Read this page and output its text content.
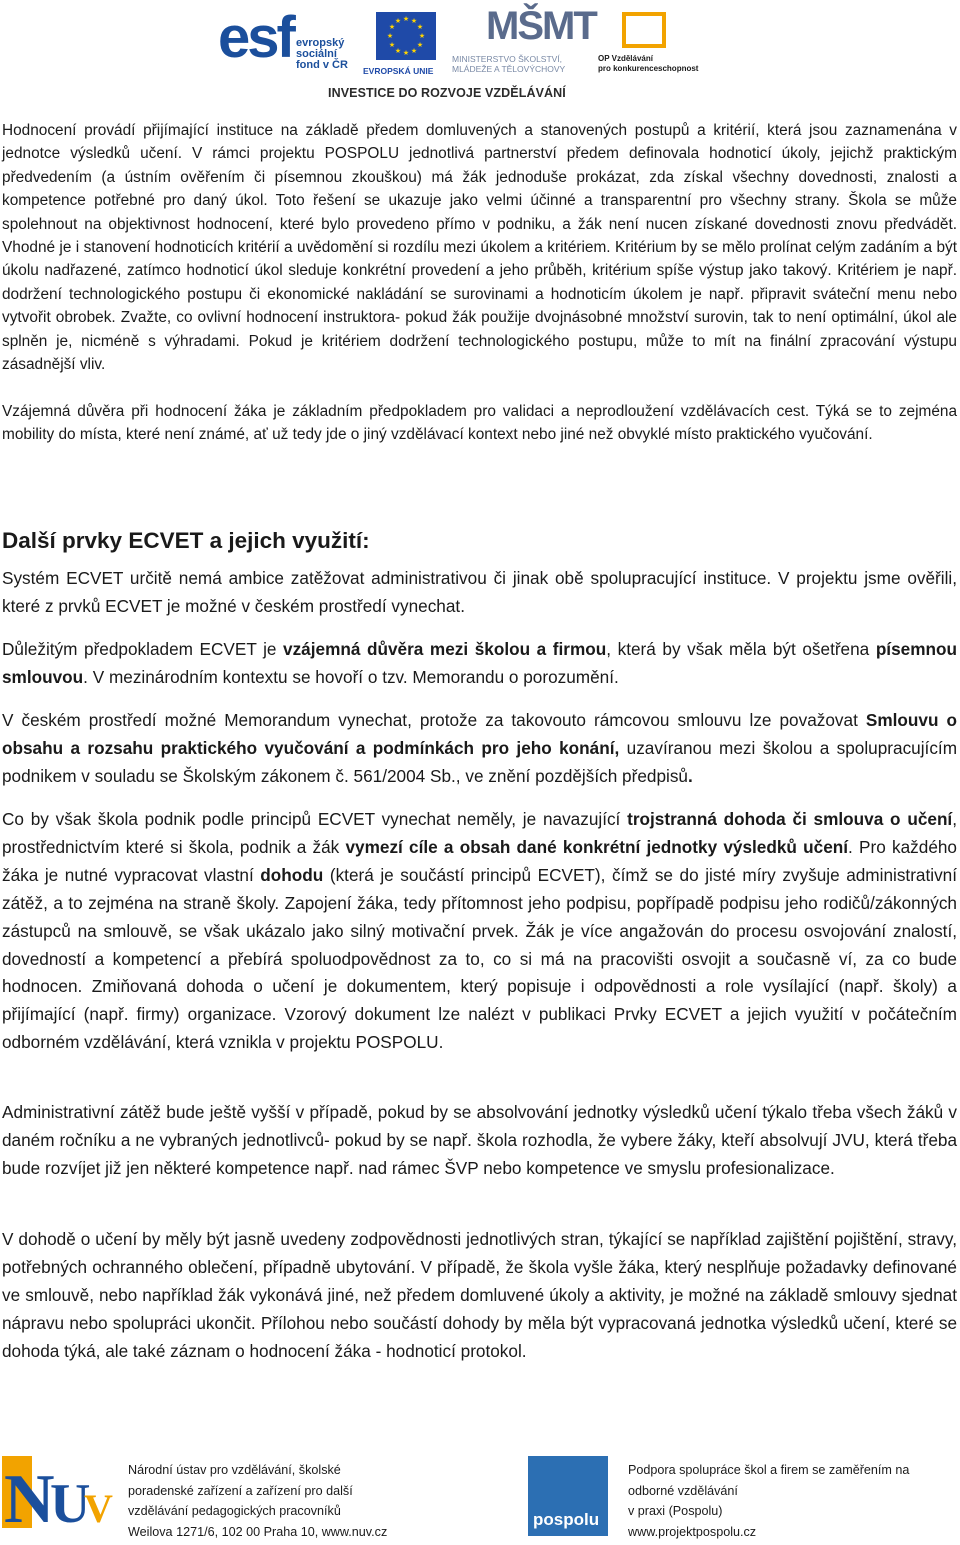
esf evropský
sociální
fond v ČR
★ ★
★
★
★
★
★
★
★
★
★
★
EVROPSKÁ UNIE
MŠMT
MINISTERSTVO ŠKOLSTVÍ,
MLÁDEŽE A TĚLOVÝCHOVY
OP Vzdělávání
pro konkurenceschopnost
INVESTICE DO ROZVOJE VZDĚLÁVÁNÍ

Hodnocení provádí přijímající instituce na základě předem domluvených a stanovených postupů a kritérií, která jsou zaznamenána v jednotce výsledků učení. V rámci projektu POSPOLU jednotlivá partnerství předem definovala hodnoticí úkoly, jejichž praktickým předvedením (a ústním ověřením či písemnou zkouškou) má žák jednoduše prokázat, zda získal všechny dovednosti, znalosti a kompetence potřebné pro daný úkol. Toto řešení se ukazuje jako velmi účinné a transparentní pro všechny strany. Škola se může spolehnout na objektivnost hodnocení, které bylo provedeno přímo v podniku, a žák není nucen získané dovednosti znovu předvádět. Vhodné je i stanovení hodnoticích kritérií a uvědomění si rozdílu mezi úkolem a kritériem. Kritérium by se mělo prolínat celým zadáním a být úkolu nadřazené, zatímco hodnoticí úkol sleduje konkrétní provedení a jeho průběh, kritérium spíše výstup jako takový. Kritériem je např. dodržení technologického postupu či ekonomické nakládání se surovinami a hodnoticím úkolem je např. připravit sváteční menu nebo vytvořit obrobek. Zvažte, co ovlivní hodnocení instruktora- pokud žák použije dvojnásobné množství surovin, tak to není optimální, úkol ale splněn je, nicméně s výhradami. Pokud je kritériem dodržení technologického postupu, může to mít na finální zpracování výstupu zásadnější vliv.

Vzájemná důvěra při hodnocení žáka je základním předpokladem pro validaci a neprodloužení vzdělávacích cest. Týká se to zejména mobility do místa, které není známé, ať už tedy jde o jiný vzdělávací kontext nebo jiné než obvyklé místo praktického vyučování.

Další prvky ECVET a jejich využití:

Systém ECVET určitě nemá ambice zatěžovat administrativou či jinak obě spolupracující instituce. V projektu jsme ověřili, které z prvků ECVET je možné v českém prostředí vynechat.

Důležitým předpokladem ECVET je vzájemná důvěra mezi školou a firmou, která by však měla být ošetřena písemnou smlouvou. V mezinárodním kontextu se hovoří o tzv. Memorandu o porozumění.

V českém prostředí možné Memorandum vynechat, protože za takovouto rámcovou smlouvu lze považovat Smlouvu o obsahu a rozsahu praktického vyučování a podmínkách pro jeho konání, uzavíranou mezi školou a spolupracujícím podnikem v souladu se Školským zákonem č. 561/2004 Sb., ve znění pozdějších předpisů.

Co by však škola podnik podle principů ECVET vynechat neměly, je navazující trojstranná dohoda či smlouva o učení, prostřednictvím které si škola, podnik a žák vymezí cíle a obsah dané konkrétní jednotky výsledků učení. Pro každého žáka je nutné vypracovat vlastní dohodu (která je součástí principů ECVET), čímž se do jisté míry zvyšuje administrativní zátěž, a to zejména na straně školy. Zapojení žáka, tedy přítomnost jeho podpisu, popřípadě podpisu jeho rodičů/zákonných zástupců na smlouvě, se však ukázalo jako silný motivační prvek. Žák je více angažován do procesu osvojování znalostí, dovedností a kompetencí a přebírá spoluodpovědnost za to, co si má na pracovišti osvojit a současně ví, za co bude hodnocen. Zmiňovaná dohoda o učení je dokumentem, který popisuje i odpovědnosti a role vysílající (např. školy) a přijímající (např. firmy) organizace. Vzorový dokument lze nalézt v publikaci Prvky ECVET a jejich využití v počátečním odborném vzdělávání, která vznikla v projektu POSPOLU.

Administrativní zátěž bude ještě vyšší v případě, pokud by se absolvování jednotky výsledků učení týkalo třeba všech žáků v daném ročníku a ne vybraných jednotlivců- pokud by se např. škola rozhodla, že vybere žáky, kteří absolvují JVU, která třeba bude rozvíjet již jen některé kompetence např. nad rámec ŠVP nebo kompetence ve smyslu profesionalizace.

V dohodě o učení by měly být jasně uvedeny zodpovědnosti jednotlivých stran, týkající se například zajištění pojištění, stravy, potřebných ochranného oblečení, případně ubytování. V případě, že škola vyšle žáka, který nesplňuje požadavky definované ve smlouvě, nebo například žák vykonává jiné, než předem domluvené úkoly a aktivity, je možné na základě smlouvy sjednat nápravu nebo spolupráci ukončit. Přílohou nebo součástí dohody by měla být vypracovaná jednotka výsledků učení, které se dohoda týká, ale také záznam o hodnocení žáka - hodnoticí protokol.

N
U
V
Národní ústav pro vzdělávání, školské
poradenské zařízení a zařízení pro další
vzdělávání pedagogických pracovníků
Weilova 1271/6, 102 00 Praha 10, www.nuv.cz
pospolu
Podpora spolupráce škol a firem se zaměřením na
odborné vzdělávání
v praxi (Pospolu)
www.projektpospolu.cz
